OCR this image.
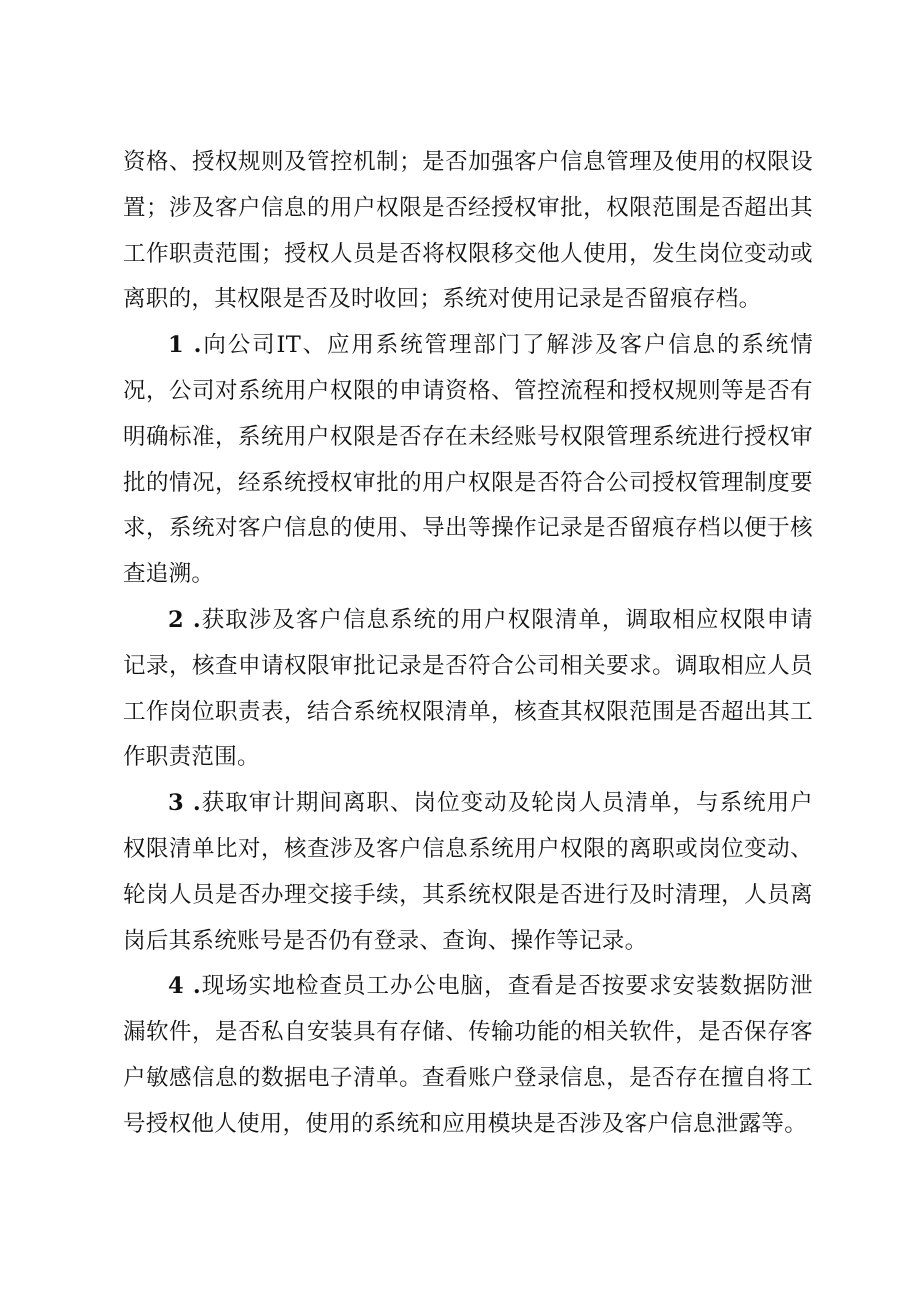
资格、授权规则及管控机制；是否加强客户信息管理及使用的权限设置；涉及客户信息的用户权限是否经授权审批，权限范围是否超出其工作职责范围；授权人员是否将权限移交他人使用，发生岗位变动或离职的，其权限是否及时收回；系统对使用记录是否留痕存档。

1 .向公司IT、应用系统管理部门了解涉及客户信息的系统情况，公司对系统用户权限的申请资格、管控流程和授权规则等是否有明确标准，系统用户权限是否存在未经账号权限管理系统进行授权审批的情况，经系统授权审批的用户权限是否符合公司授权管理制度要求，系统对客户信息的使用、导出等操作记录是否留痕存档以便于核查追溯。

2 .获取涉及客户信息系统的用户权限清单，调取相应权限申请记录，核查申请权限审批记录是否符合公司相关要求。调取相应人员工作岗位职责表，结合系统权限清单，核查其权限范围是否超出其工作职责范围。

3 .获取审计期间离职、岗位变动及轮岗人员清单，与系统用户权限清单比对，核查涉及客户信息系统用户权限的离职或岗位变动、轮岗人员是否办理交接手续，其系统权限是否进行及时清理，人员离岗后其系统账号是否仍有登录、查询、操作等记录。

4 .现场实地检查员工办公电脑，查看是否按要求安装数据防泄漏软件，是否私自安装具有存储、传输功能的相关软件，是否保存客户敏感信息的数据电子清单。查看账户登录信息，是否存在擅自将工号授权他人使用，使用的系统和应用模块是否涉及客户信息泄露等。
